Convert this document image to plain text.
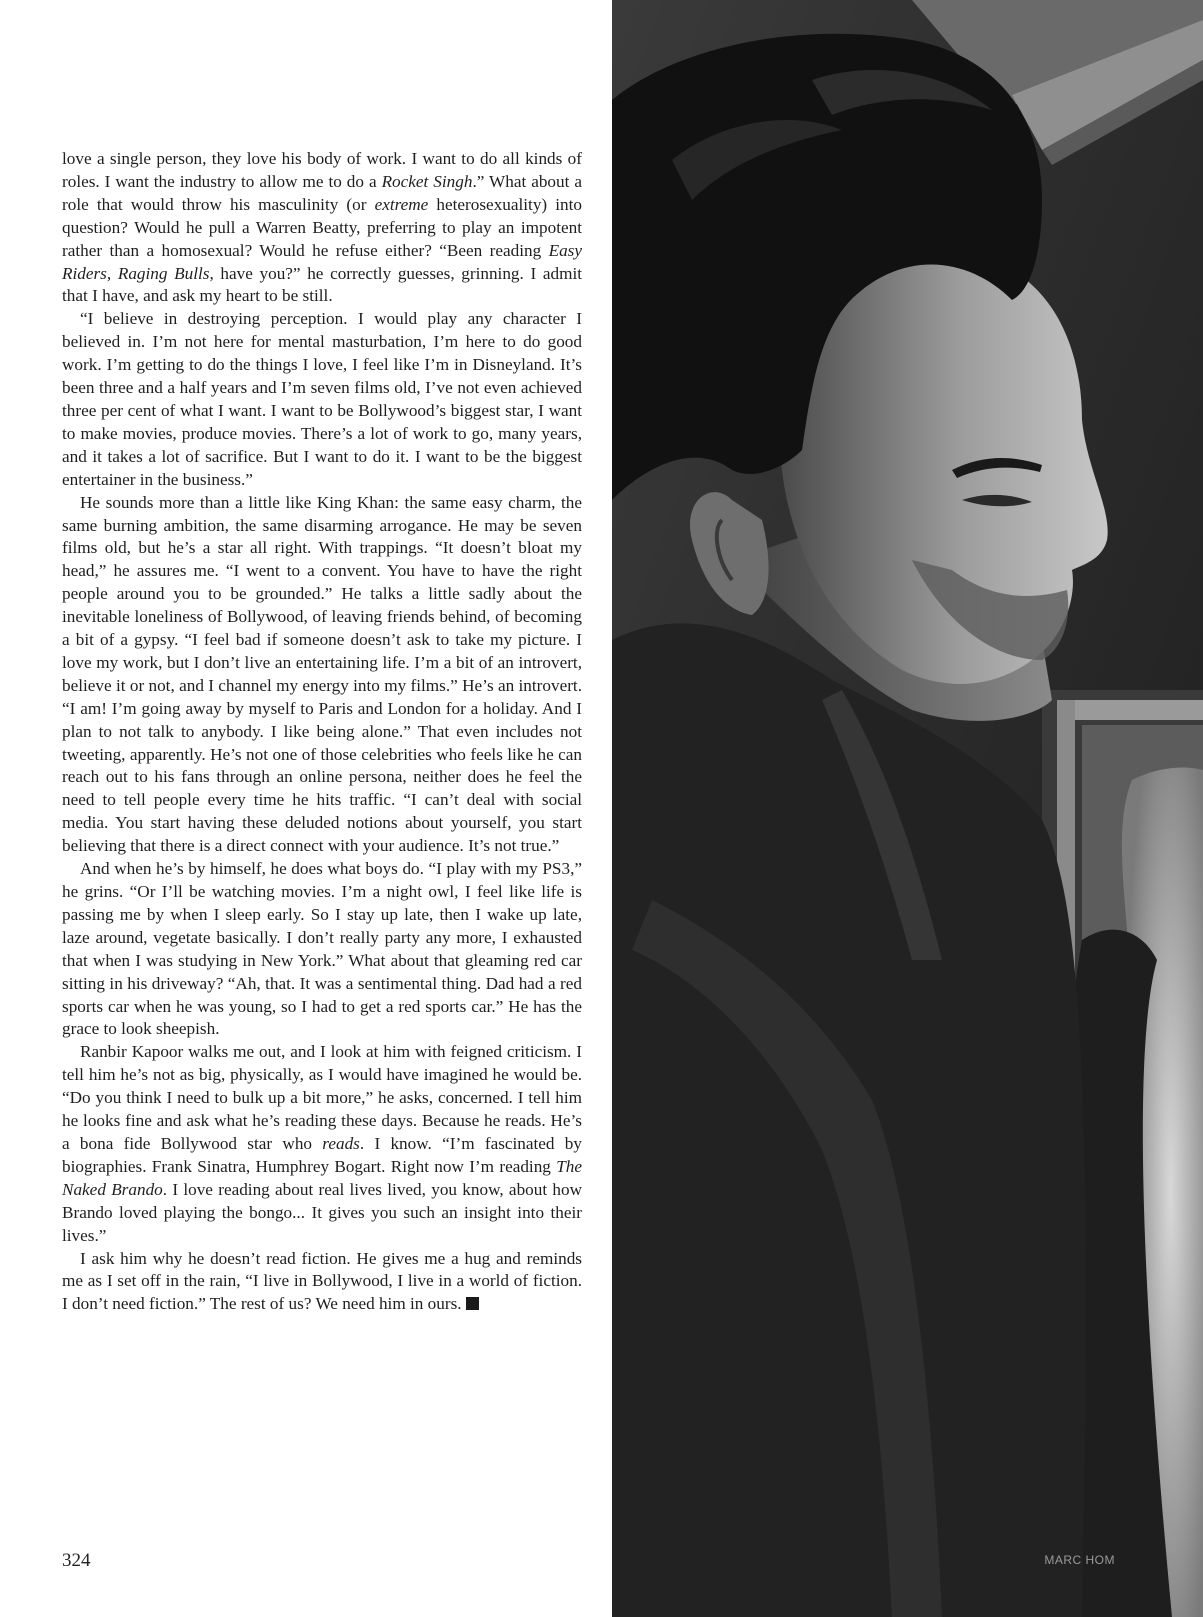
love a single person, they love his body of work. I want to do all kinds of roles. I want the industry to allow me to do a Rocket Singh.” What about a role that would throw his masculinity (or extreme heterosexuality) into question? Would he pull a Warren Beatty, preferring to play an impotent rather than a homosexual? Would he refuse either? “Been reading Easy Riders, Raging Bulls, have you?” he correctly guesses, grinning. I admit that I have, and ask my heart to be still.

“I believe in destroying perception. I would play any character I believed in. I’m not here for mental masturbation, I’m here to do good work. I’m getting to do the things I love, I feel like I’m in Disneyland. It’s been three and a half years and I’m seven films old, I’ve not even achieved three per cent of what I want. I want to be Bollywood’s biggest star, I want to make movies, produce movies. There’s a lot of work to go, many years, and it takes a lot of sacrifice. But I want to do it. I want to be the biggest entertainer in the business.”

He sounds more than a little like King Khan: the same easy charm, the same burning ambition, the same disarming arrogance. He may be seven films old, but he’s a star all right. With trappings. “It doesn’t bloat my head,” he assures me. “I went to a convent. You have to have the right people around you to be grounded.” He talks a little sadly about the inevitable loneliness of Bollywood, of leaving friends behind, of becoming a bit of a gypsy. “I feel bad if someone doesn’t ask to take my picture. I love my work, but I don’t live an entertaining life. I’m a bit of an introvert, believe it or not, and I channel my energy into my films.” He’s an introvert. “I am! I’m going away by myself to Paris and London for a holiday. And I plan to not talk to anybody. I like being alone.” That even includes not tweeting, apparently. He’s not one of those celebrities who feels like he can reach out to his fans through an online persona, neither does he feel the need to tell people every time he hits traffic. “I can’t deal with social media. You start having these deluded notions about yourself, you start believing that there is a direct connect with your audience. It’s not true.”

And when he’s by himself, he does what boys do. “I play with my PS3,” he grins. “Or I’ll be watching movies. I’m a night owl, I feel like life is passing me by when I sleep early. So I stay up late, then I wake up late, laze around, vegetate basically. I don’t really party any more, I exhausted that when I was studying in New York.” What about that gleaming red car sitting in his driveway? “Ah, that. It was a sentimental thing. Dad had a red sports car when he was young, so I had to get a red sports car.” He has the grace to look sheepish.

Ranbir Kapoor walks me out, and I look at him with feigned criticism. I tell him he’s not as big, physically, as I would have imagined he would be. “Do you think I need to bulk up a bit more,” he asks, concerned. I tell him he looks fine and ask what he’s reading these days. Because he reads. He’s a bona fide Bollywood star who reads. I know. “I’m fascinated by biographies. Frank Sinatra, Humphrey Bogart. Right now I’m reading The Naked Brando. I love reading about real lives lived, you know, about how Brando loved playing the bongo... It gives you such an insight into their lives.”

I ask him why he doesn’t read fiction. He gives me a hug and reminds me as I set off in the rain, “I live in Bollywood, I live in a world of fiction. I don’t need fiction.” The rest of us? We need him in ours.

324	MARC HOM
